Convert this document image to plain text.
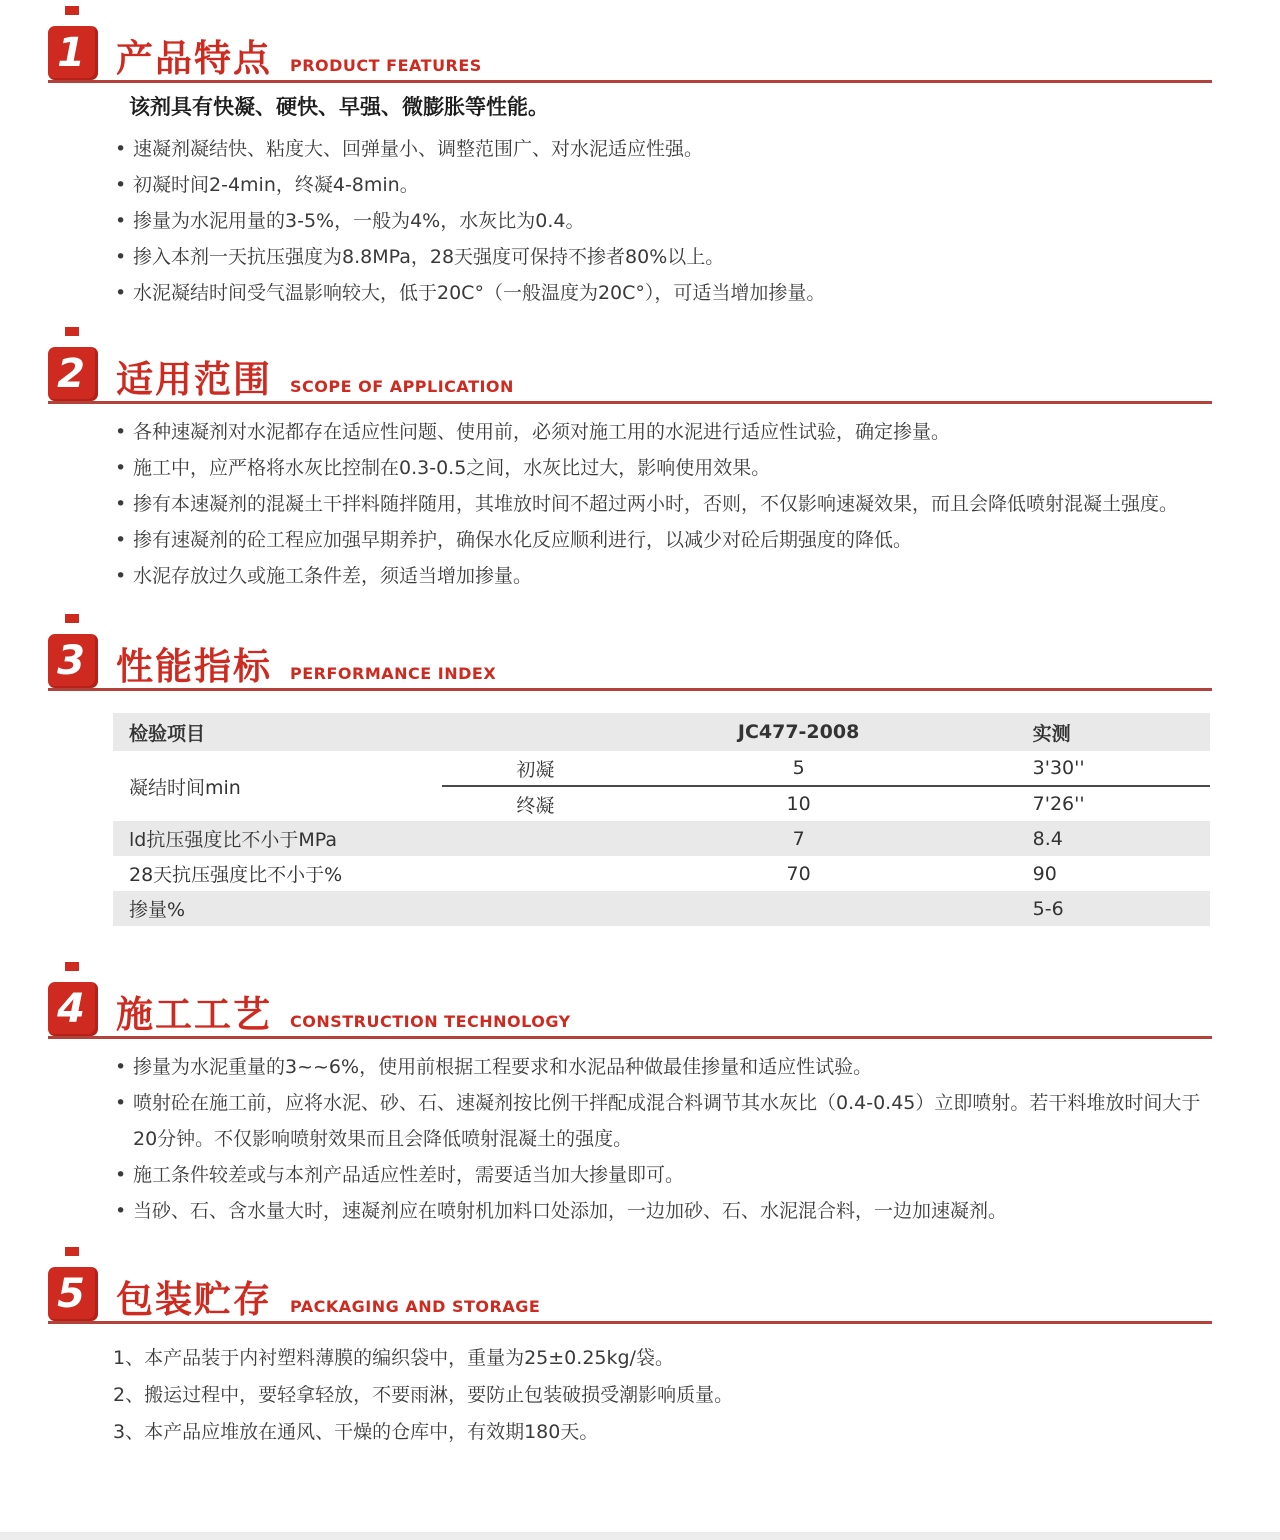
1 产品特点 PRODUCT FEATURES
该剂具有快凝、硬快、早强、微膨胀等性能。
• 速凝剂凝结快、粘度大、回弹量小、调整范围广、对水泥适应性强。
• 初凝时间2-4min，终凝4-8min。
• 掺量为水泥用量的3-5%，一般为4%，水灰比为0.4。
• 掺入本剂一天抗压强度为8.8MPa，28天强度可保持不掺者80%以上。
• 水泥凝结时间受气温影响较大，低于20C°（一般温度为20C°），可适当增加掺量。
2 适用范围 SCOPE OF APPLICATION
• 各种速凝剂对水泥都存在适应性问题、使用前，必须对施工用的水泥进行适应性试验，确定掺量。
• 施工中，应严格将水灰比控制在0.3-0.5之间，水灰比过大，影响使用效果。
• 掺有本速凝剂的混凝土干拌料随拌随用，其堆放时间不超过两小时，否则，不仅影响速凝效果，而且会降低喷射混凝土强度。
• 掺有速凝剂的砼工程应加强早期养护，确保水化反应顺利进行，以减少对砼后期强度的降低。
• 水泥存放过久或施工条件差，须适当增加掺量。
3 性能指标 PERFORMANCE INDEX
检验项目		JC477-2008	实测
凝结时间min	初凝	5	3'30''
	终凝	10	7'26''
ld抗压强度比不小于MPa		7	8.4
28天抗压强度比不小于%		70	90
掺量%			5-6
4 施工工艺 CONSTRUCTION TECHNOLOGY
• 掺量为水泥重量的3~~6%，使用前根据工程要求和水泥品种做最佳掺量和适应性试验。
• 喷射砼在施工前，应将水泥、砂、石、速凝剂按比例干拌配成混合料调节其水灰比（0.4-0.45）立即喷射。若干料堆放时间大于20分钟。不仅影响喷射效果而且会降低喷射混凝土的强度。
• 施工条件较差或与本剂产品适应性差时，需要适当加大掺量即可。
• 当砂、石、含水量大时，速凝剂应在喷射机加料口处添加，一边加砂、石、水泥混合料，一边加速凝剂。
5 包装贮存 PACKAGING AND STORAGE
1、本产品装于内衬塑料薄膜的编织袋中，重量为25±0.25kg/袋。
2、搬运过程中，要轻拿轻放，不要雨淋，要防止包装破损受潮影响质量。
3、本产品应堆放在通风、干燥的仓库中，有效期180天。
